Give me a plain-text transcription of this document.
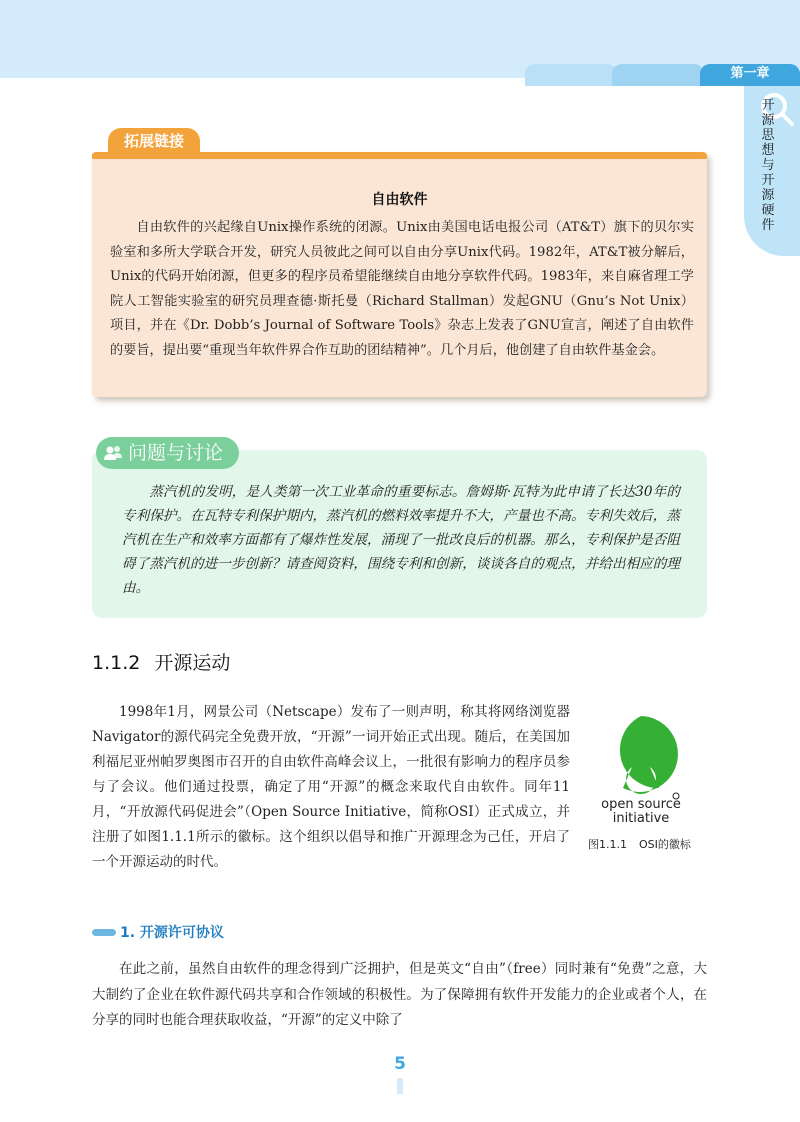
第一章
开源思想与开源硬件
自由软件
自由软件的兴起缘自Unix操作系统的闭源。Unix由美国电话电报公司（AT&T）旗下的贝尔实验室和多所大学联合开发，研究人员彼此之间可以自由分享Unix代码。1982年，AT&T被分解后，Unix的代码开始闭源，但更多的程序员希望能继续自由地分享软件代码。1983年，来自麻省理工学院人工智能实验室的研究员理查德·斯托曼（Richard Stallman）发起GNU（Gnu’s Not Unix）项目，并在《Dr. Dobb’s Journal of Software Tools》杂志上发表了GNU宣言，阐述了自由软件的要旨，提出要“重现当年软件界合作互助的团结精神”。几个月后，他创建了自由软件基金会。
拓展链接
问题与讨论
蒸汽机的发明，是人类第一次工业革命的重要标志。詹姆斯·瓦特为此申请了长达30年的专利保护。在瓦特专利保护期内，蒸汽机的燃料效率提升不大，产量也不高。专利失效后，蒸汽机在生产和效率方面都有了爆炸性发展，涌现了一批改良后的机器。那么，专利保护是否阻碍了蒸汽机的进一步创新？请查阅资料，围绕专利和创新，谈谈各自的观点，并给出相应的理由。
1.1.2 开源运动
1998年1月，网景公司（Netscape）发布了一则声明，称其将网络浏览器Navigator的源代码完全免费开放，“开源”一词开始正式出现。随后，在美国加利福尼亚州帕罗奥图市召开的自由软件高峰会议上，一批很有影响力的程序员参与了会议。他们通过投票，确定了用“开源”的概念来取代自由软件。同年11月，“开放源代码促进会”（Open Source Initiative，简称OSI）正式成立，并注册了如图1.1.1所示的徽标。这个组织以倡导和推广开源理念为己任，开启了一个开源运动的时代。
open source
initiative
图1.1.1 OSI的徽标
1. 开源许可协议
在此之前，虽然自由软件的理念得到广泛拥护，但是英文“自由”（free）同时兼有“免费”之意，大大制约了企业在软件源代码共享和合作领域的积极性。为了保障拥有软件开发能力的企业或者个人，在分享的同时也能合理获取收益，“开源”的定义中除了
5
